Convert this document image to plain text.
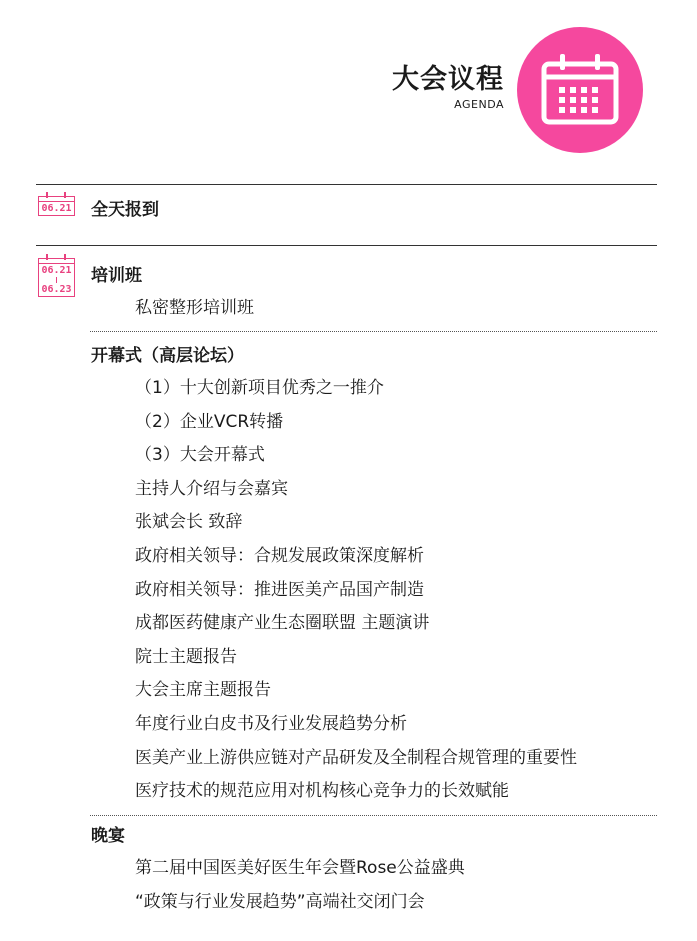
大会议程
AGENDA
06.21 全天报到
06.21
06.23
培训班
私密整形培训班
开幕式（高层论坛）
（1）十大创新项目优秀之一推介
（2）企业VCR转播
（3）大会开幕式
主持人介绍与会嘉宾
张斌会长 致辞
政府相关领导：合规发展政策深度解析
政府相关领导：推进医美产品国产制造
成都医药健康产业生态圈联盟 主题演讲
院士主题报告
大会主席主题报告
年度行业白皮书及行业发展趋势分析
医美产业上游供应链对产品研发及全制程合规管理的重要性
医疗技术的规范应用对机构核心竞争力的长效赋能
晚宴
第二届中国医美好医生年会暨Rose公益盛典
“政策与行业发展趋势”高端社交闭门会
